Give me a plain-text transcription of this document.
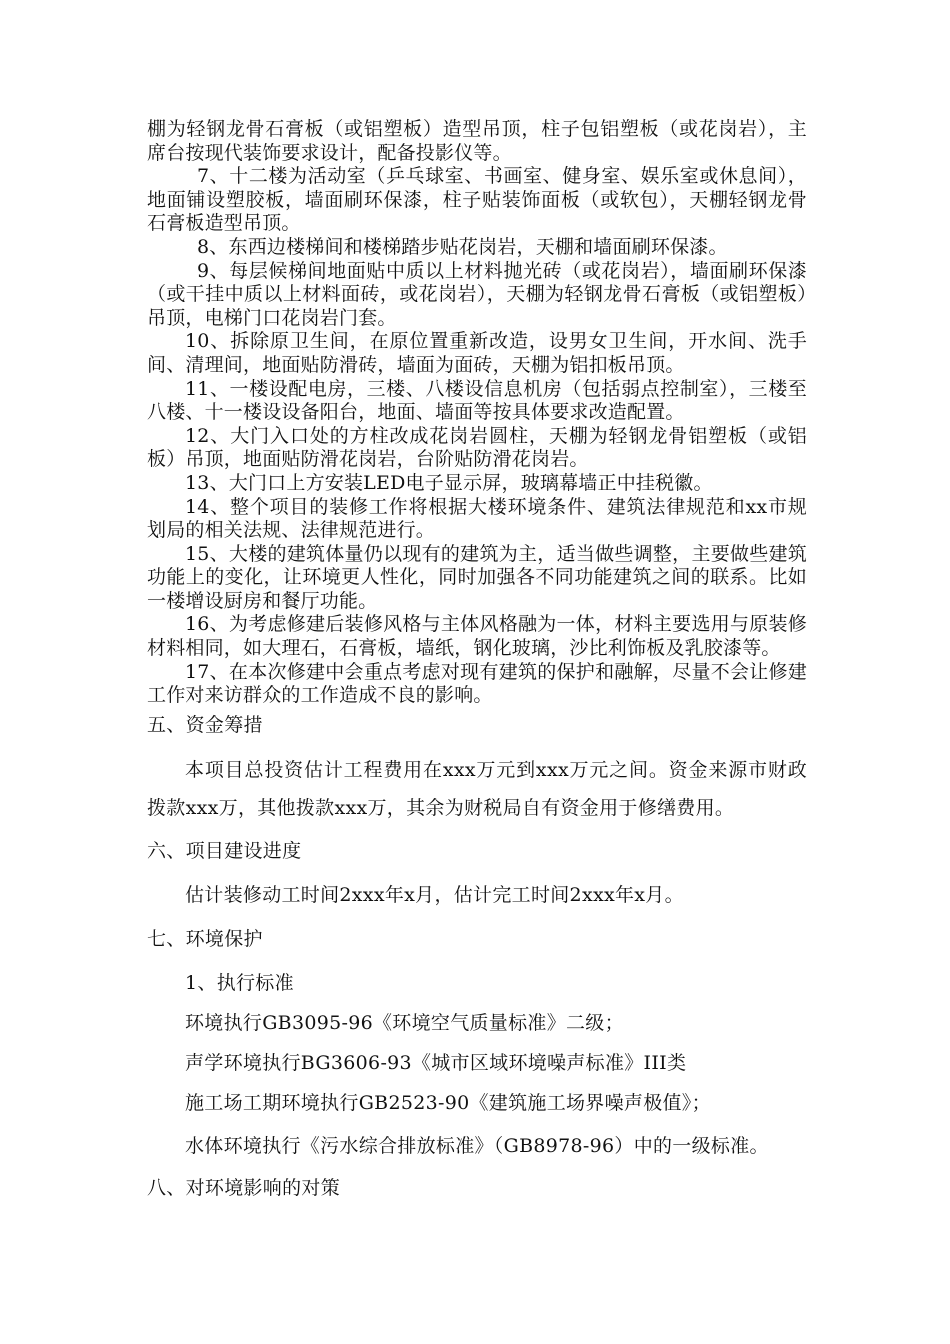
棚为轻钢龙骨石膏板（或铝塑板）造型吊顶，柱子包铝塑板（或花岗岩），主席台按现代装饰要求设计，配备投影仪等。

7、十二楼为活动室（乒乓球室、书画室、健身室、娱乐室或休息间），地面铺设塑胶板，墙面刷环保漆，柱子贴装饰面板（或软包），天棚轻钢龙骨石膏板造型吊顶。

8、东西边楼梯间和楼梯踏步贴花岗岩，天棚和墙面刷环保漆。

9、每层候梯间地面贴中质以上材料抛光砖（或花岗岩），墙面刷环保漆（或干挂中质以上材料面砖，或花岗岩），天棚为轻钢龙骨石膏板（或铝塑板）吊顶，电梯门口花岗岩门套。

10、拆除原卫生间，在原位置重新改造，设男女卫生间，开水间、洗手间、清理间，地面贴防滑砖，墙面为面砖，天棚为铝扣板吊顶。

11、一楼设配电房，三楼、八楼设信息机房（包括弱点控制室），三楼至八楼、十一楼设设备阳台，地面、墙面等按具体要求改造配置。

12、大门入口处的方柱改成花岗岩圆柱，天棚为轻钢龙骨铝塑板（或铝板）吊顶，地面贴防滑花岗岩，台阶贴防滑花岗岩。

13、大门口上方安装LED电子显示屏，玻璃幕墙正中挂税徽。

14、整个项目的装修工作将根据大楼环境条件、建筑法律规范和xx市规划局的相关法规、法律规范进行。

15、大楼的建筑体量仍以现有的建筑为主，适当做些调整，主要做些建筑功能上的变化，让环境更人性化，同时加强各不同功能建筑之间的联系。比如一楼增设厨房和餐厅功能。

16、为考虑修建后装修风格与主体风格融为一体，材料主要选用与原装修材料相同，如大理石，石膏板，墙纸，钢化玻璃，沙比利饰板及乳胶漆等。

17、在本次修建中会重点考虑对现有建筑的保护和融解，尽量不会让修建工作对来访群众的工作造成不良的影响。

五、资金筹措

本项目总投资估计工程费用在xxx万元到xxx万元之间。资金来源市财政拨款xxx万，其他拨款xxx万，其余为财税局自有资金用于修缮费用。

六、项目建设进度

估计装修动工时间2xxx年x月，估计完工时间2xxx年x月。

七、环境保护

1、执行标准

环境执行GB3095-96《环境空气质量标准》二级；

声学环境执行BG3606-93《城市区域环境噪声标准》III类

施工场工期环境执行GB2523-90《建筑施工场界噪声极值》；

水体环境执行《污水综合排放标准》（GB8978-96）中的一级标准。

八、对环境影响的对策
